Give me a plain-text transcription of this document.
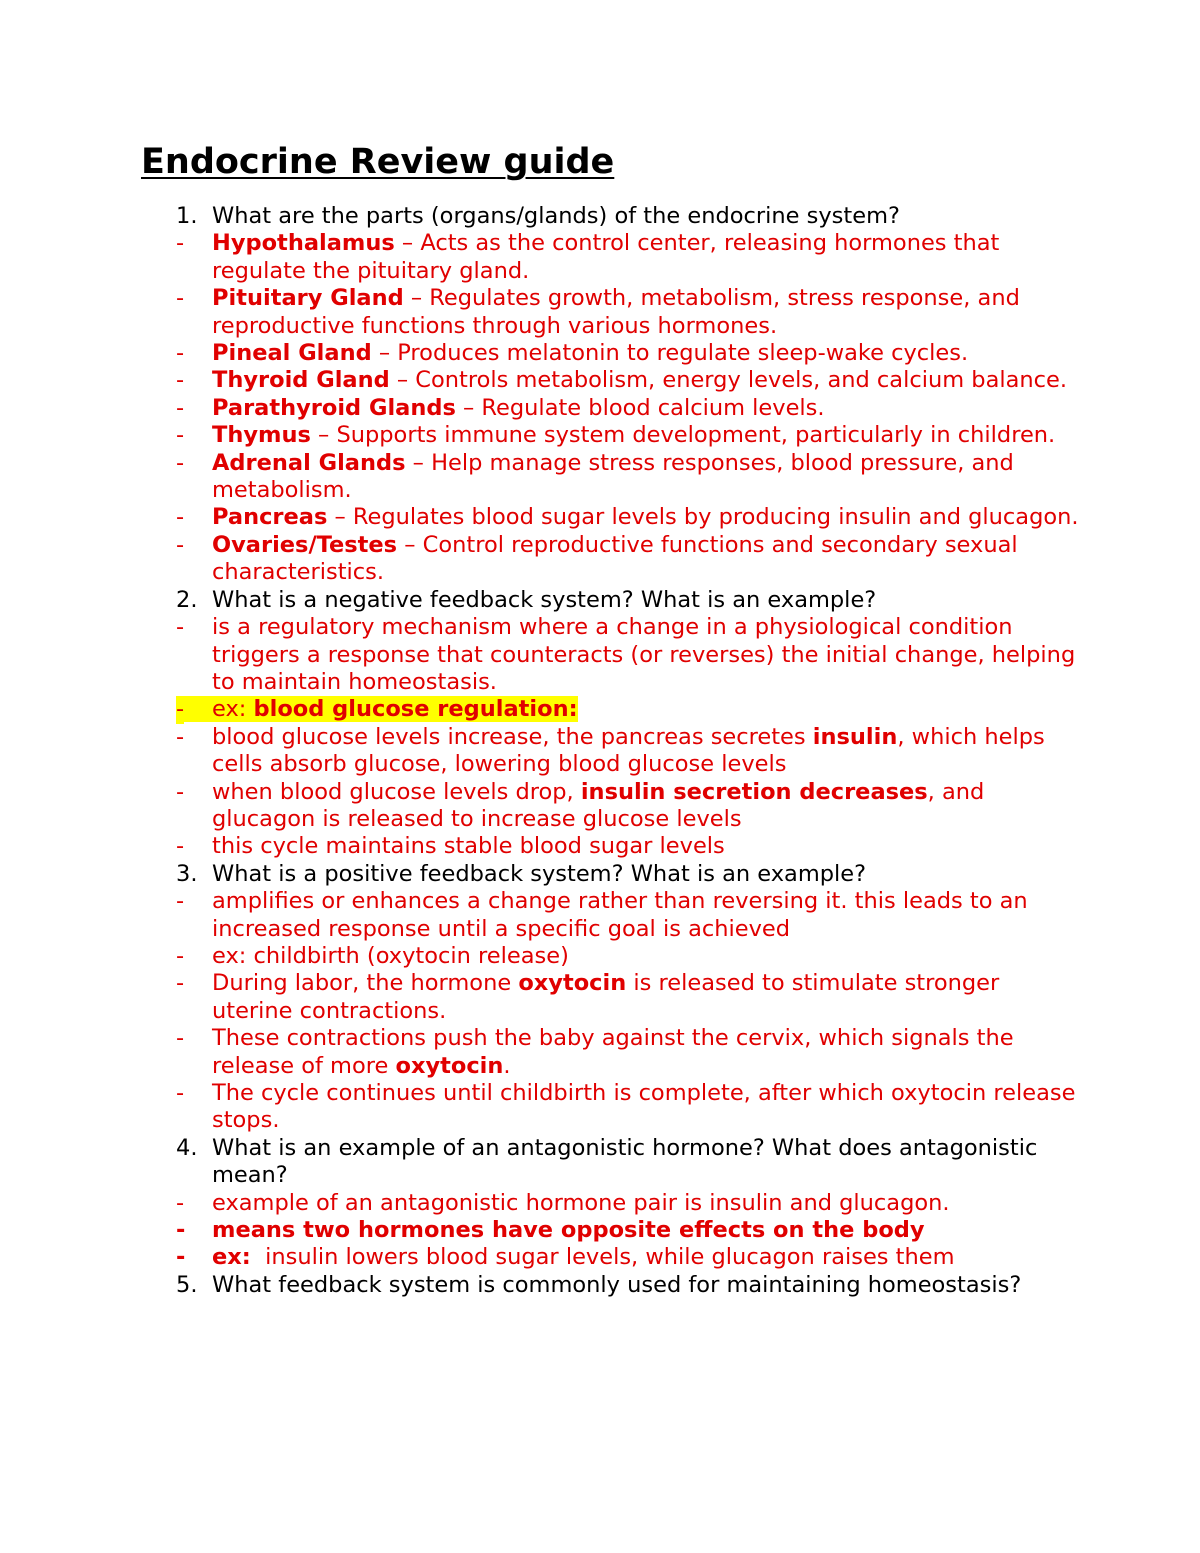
Endocrine Review guide
1. What are the parts (organs/glands) of the endocrine system?
- Hypothalamus – Acts as the control center, releasing hormones that regulate the pituitary gland.
- Pituitary Gland – Regulates growth, metabolism, stress response, and reproductive functions through various hormones.
- Pineal Gland – Produces melatonin to regulate sleep-wake cycles.
- Thyroid Gland – Controls metabolism, energy levels, and calcium balance.
- Parathyroid Glands – Regulate blood calcium levels.
- Thymus – Supports immune system development, particularly in children.
- Adrenal Glands – Help manage stress responses, blood pressure, and metabolism.
- Pancreas – Regulates blood sugar levels by producing insulin and glucagon.
- Ovaries/Testes – Control reproductive functions and secondary sexual characteristics.
2. What is a negative feedback system? What is an example?
- is a regulatory mechanism where a change in a physiological condition triggers a response that counteracts (or reverses) the initial change, helping to maintain homeostasis.
- ex: blood glucose regulation:
- blood glucose levels increase, the pancreas secretes insulin, which helps cells absorb glucose, lowering blood glucose levels
- when blood glucose levels drop, insulin secretion decreases, and glucagon is released to increase glucose levels
- this cycle maintains stable blood sugar levels
3. What is a positive feedback system? What is an example?
- amplifies or enhances a change rather than reversing it. this leads to an increased response until a specific goal is achieved
- ex: childbirth (oxytocin release)
- During labor, the hormone oxytocin is released to stimulate stronger uterine contractions.
- These contractions push the baby against the cervix, which signals the release of more oxytocin.
- The cycle continues until childbirth is complete, after which oxytocin release stops.
4. What is an example of an antagonistic hormone? What does antagonistic mean?
- example of an antagonistic hormone pair is insulin and glucagon.
- means two hormones have opposite effects on the body
- ex:  insulin lowers blood sugar levels, while glucagon raises them
5. What feedback system is commonly used for maintaining homeostasis?
